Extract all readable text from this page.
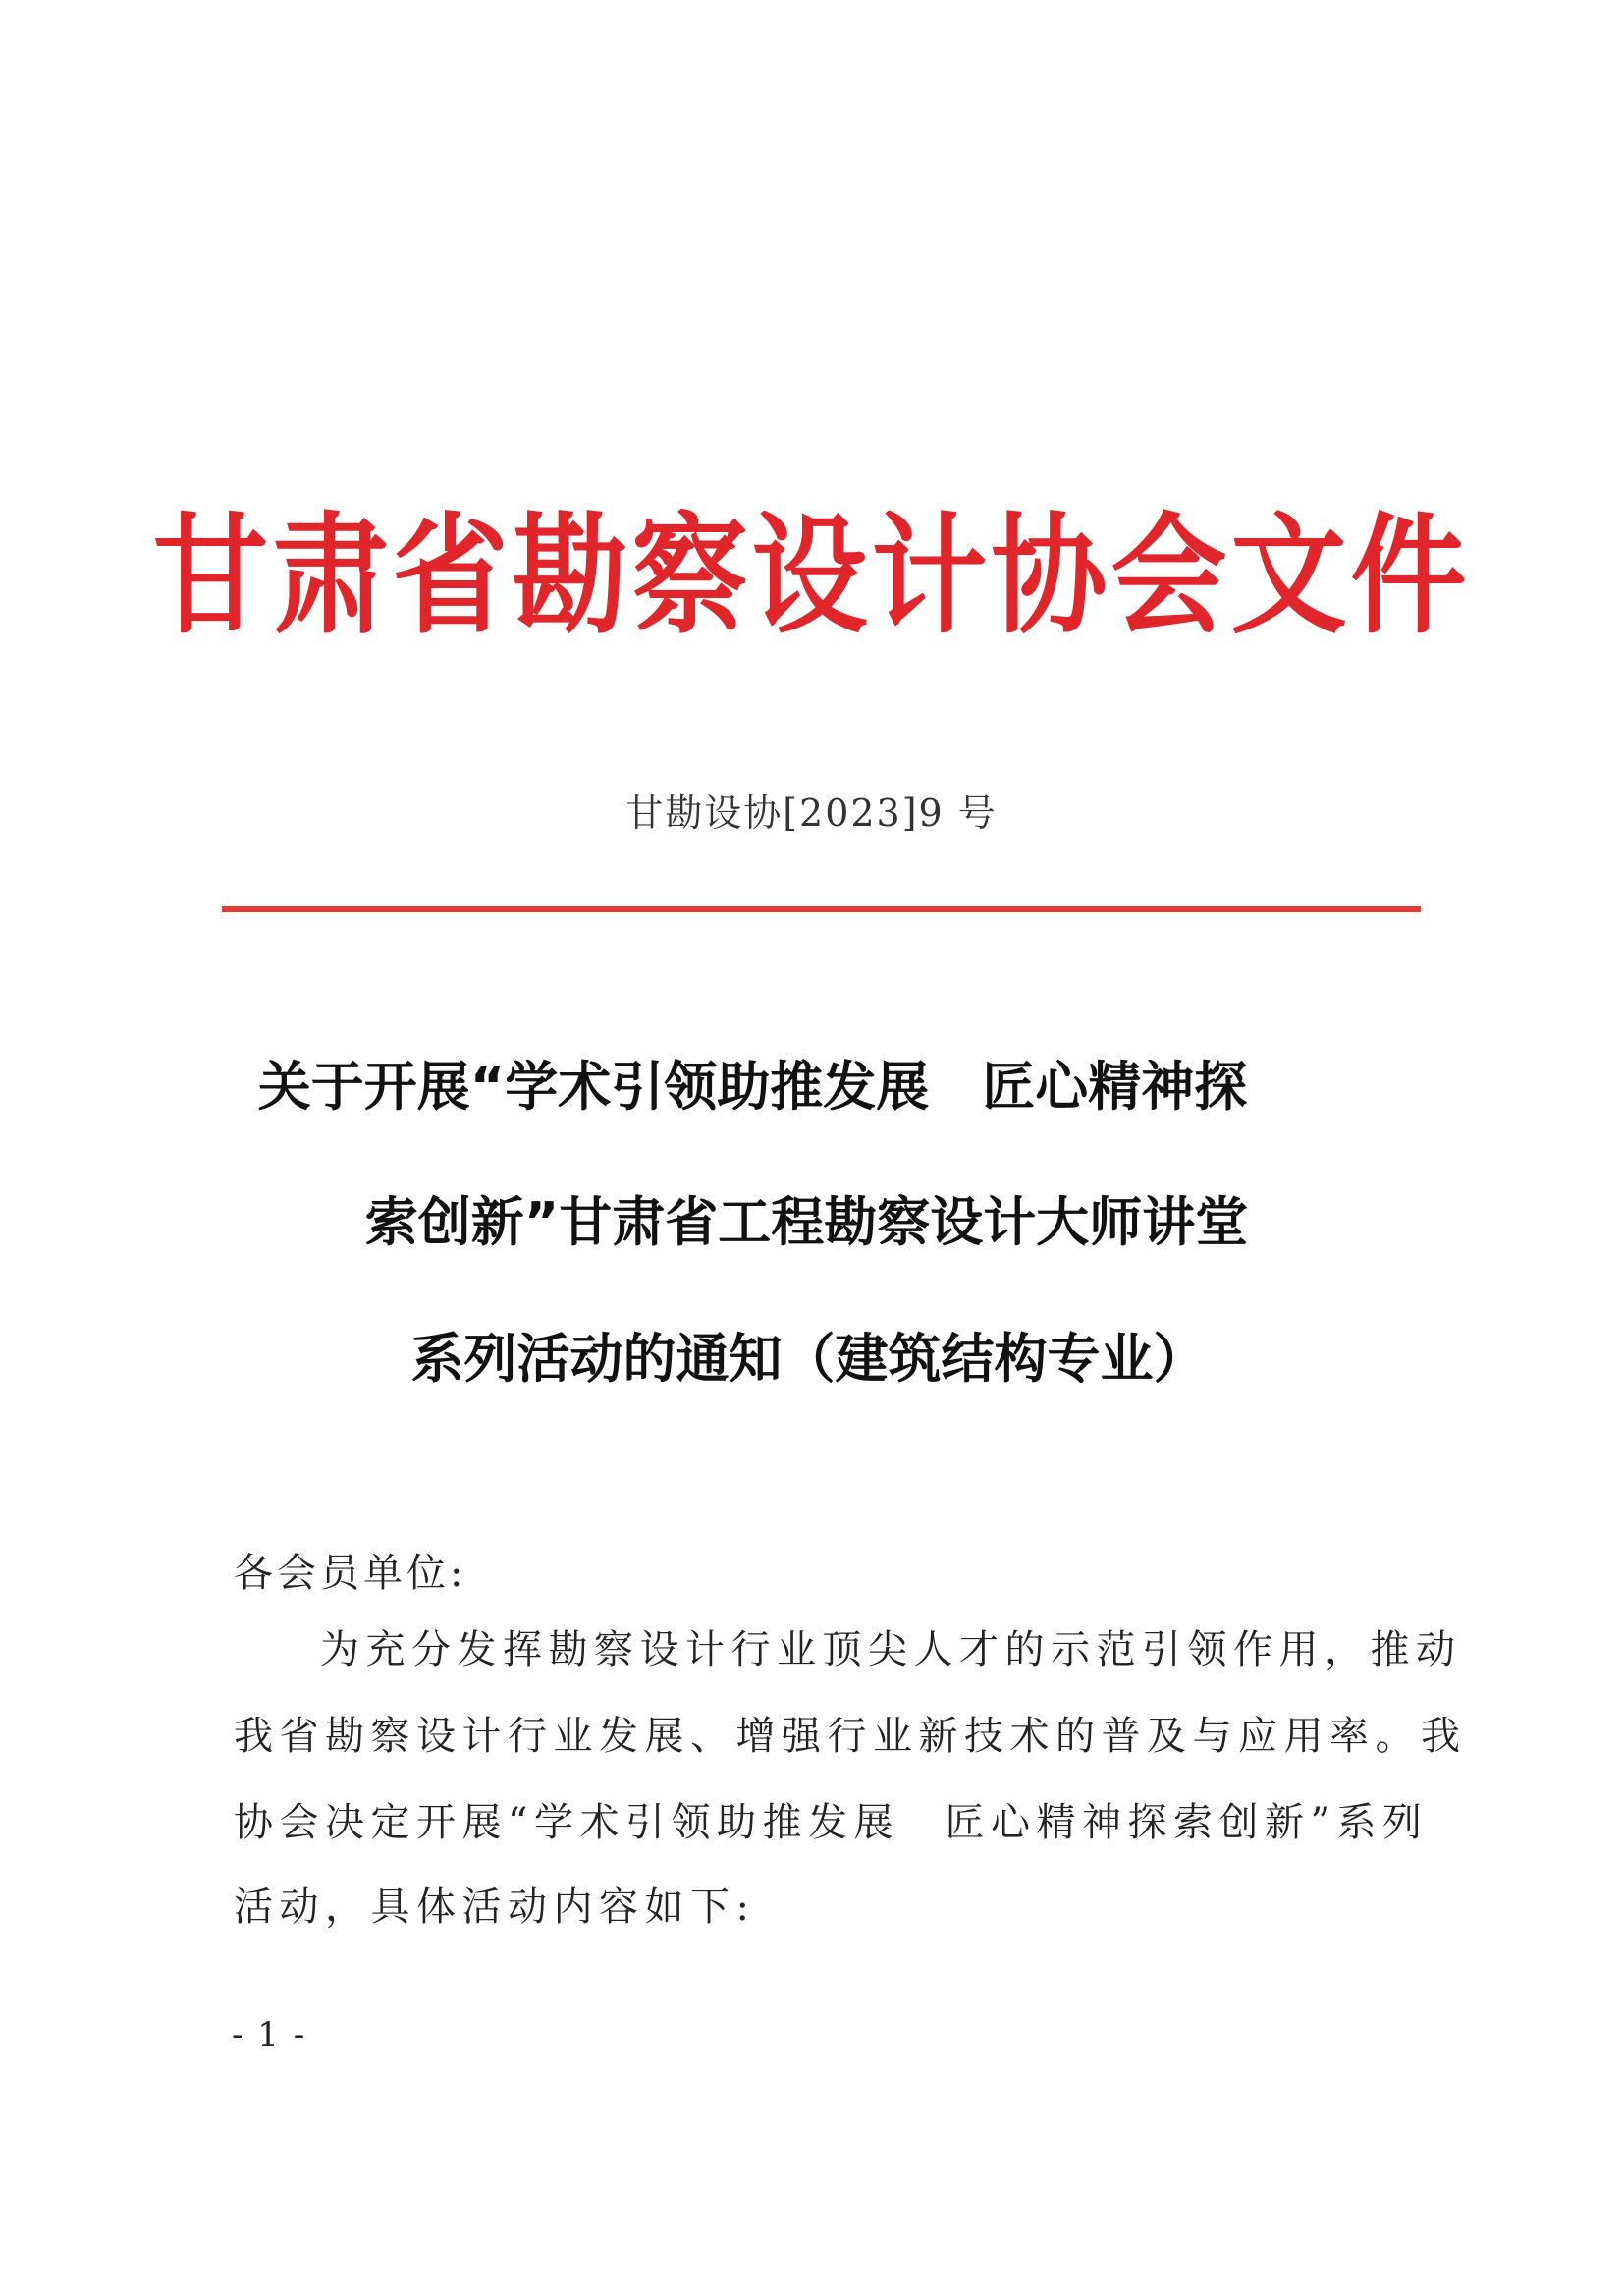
甘肃省勘察设计协会文件
甘勘设协[2023]9 号
关于开展“学术引领助推发展　匠心精神探
索创新”甘肃省工程勘察设计大师讲堂
系列活动的通知（建筑结构专业）
各会员单位:
为充分发挥勘察设计行业顶尖人才的示范引领作用，推动
我省勘察设计行业发展、增强行业新技术的普及与应用率。我
协会决定开展“学术引领助推发展　匠心精神探索创新”系列
活动，具体活动内容如下:
- 1 -
